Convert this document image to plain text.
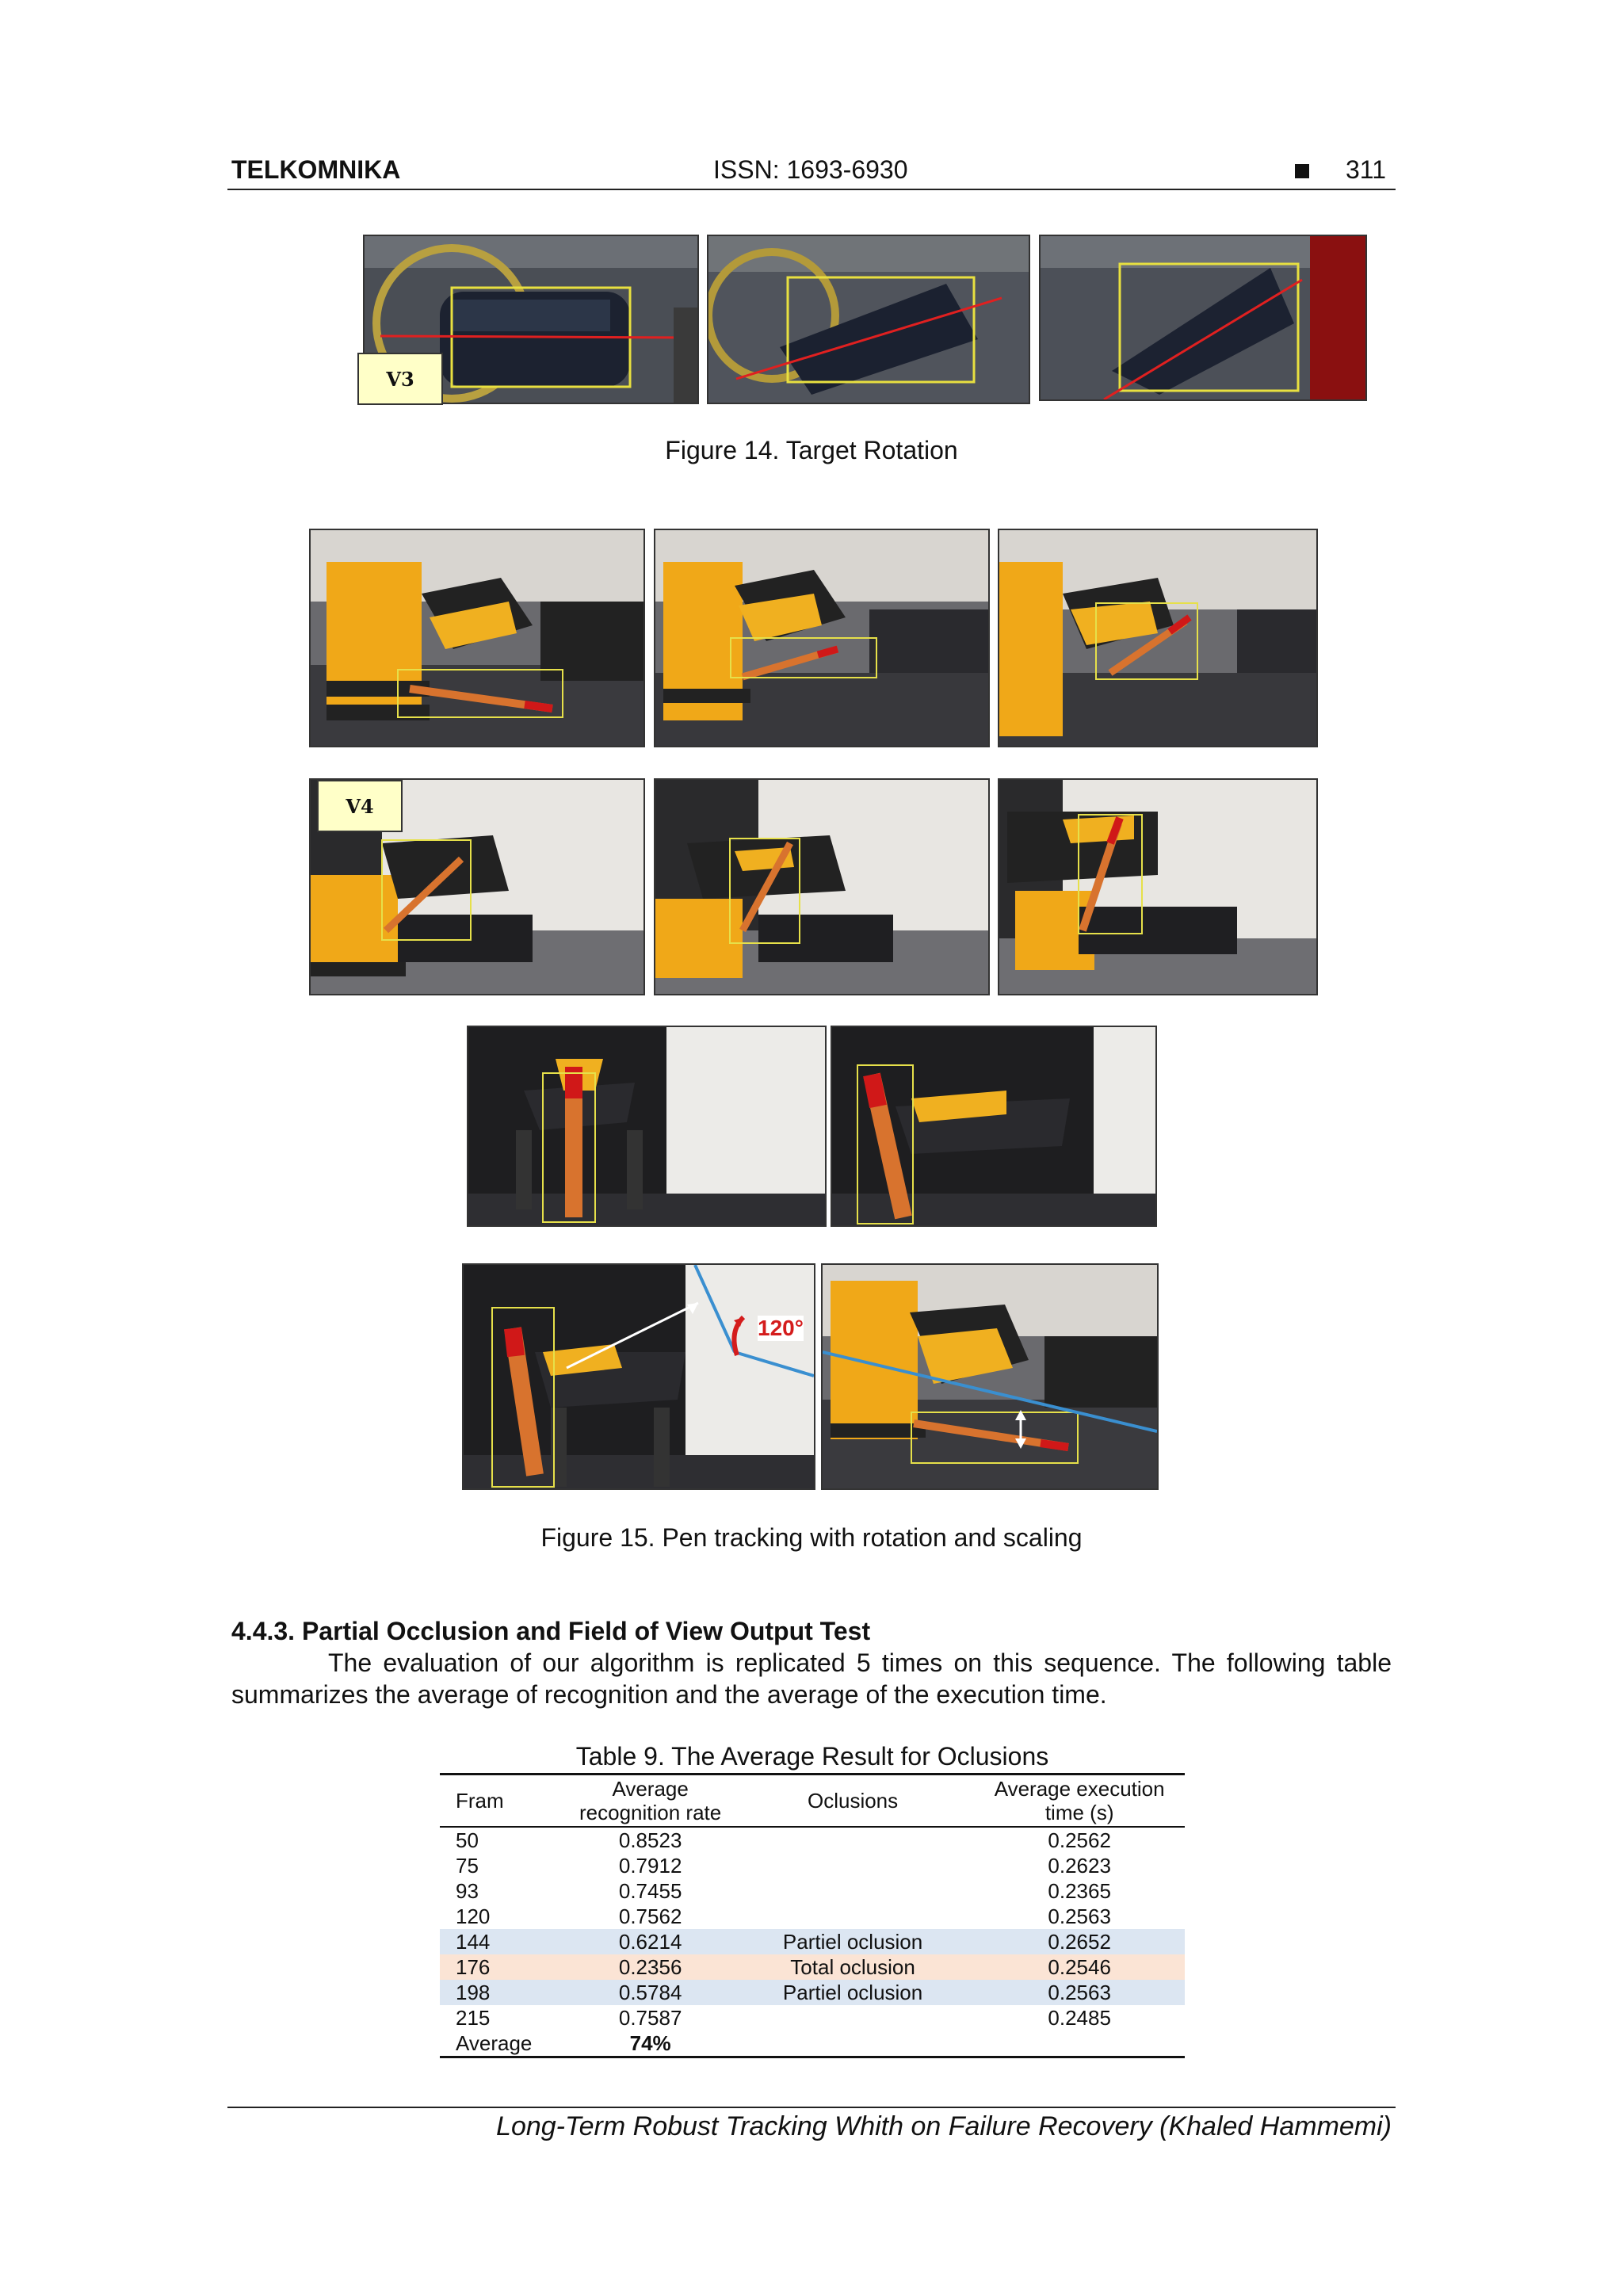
TELKOMNIKA	ISSN: 1693-6930	311
V3
Figure 14. Target Rotation
V4
120°
Figure 15. Pen tracking with rotation and scaling
4.4.3. Partial Occlusion and Field of View Output Test
The evaluation of our algorithm is replicated 5 times on this sequence. The following table summarizes the average of recognition and the average of the execution time.
Table 9. The Average Result for Oclusions
Fram	Average recognition rate	Oclusions	Average execution time (s)
50	0.8523		0.2562
75	0.7912		0.2623
93	0.7455		0.2365
120	0.7562		0.2563
144	0.6214	Partiel oclusion	0.2652
176	0.2356	Total oclusion	0.2546
198	0.5784	Partiel oclusion	0.2563
215	0.7587		0.2485
Average	74%		
Long-Term Robust Tracking Whith on Failure Recovery (Khaled Hammemi)
